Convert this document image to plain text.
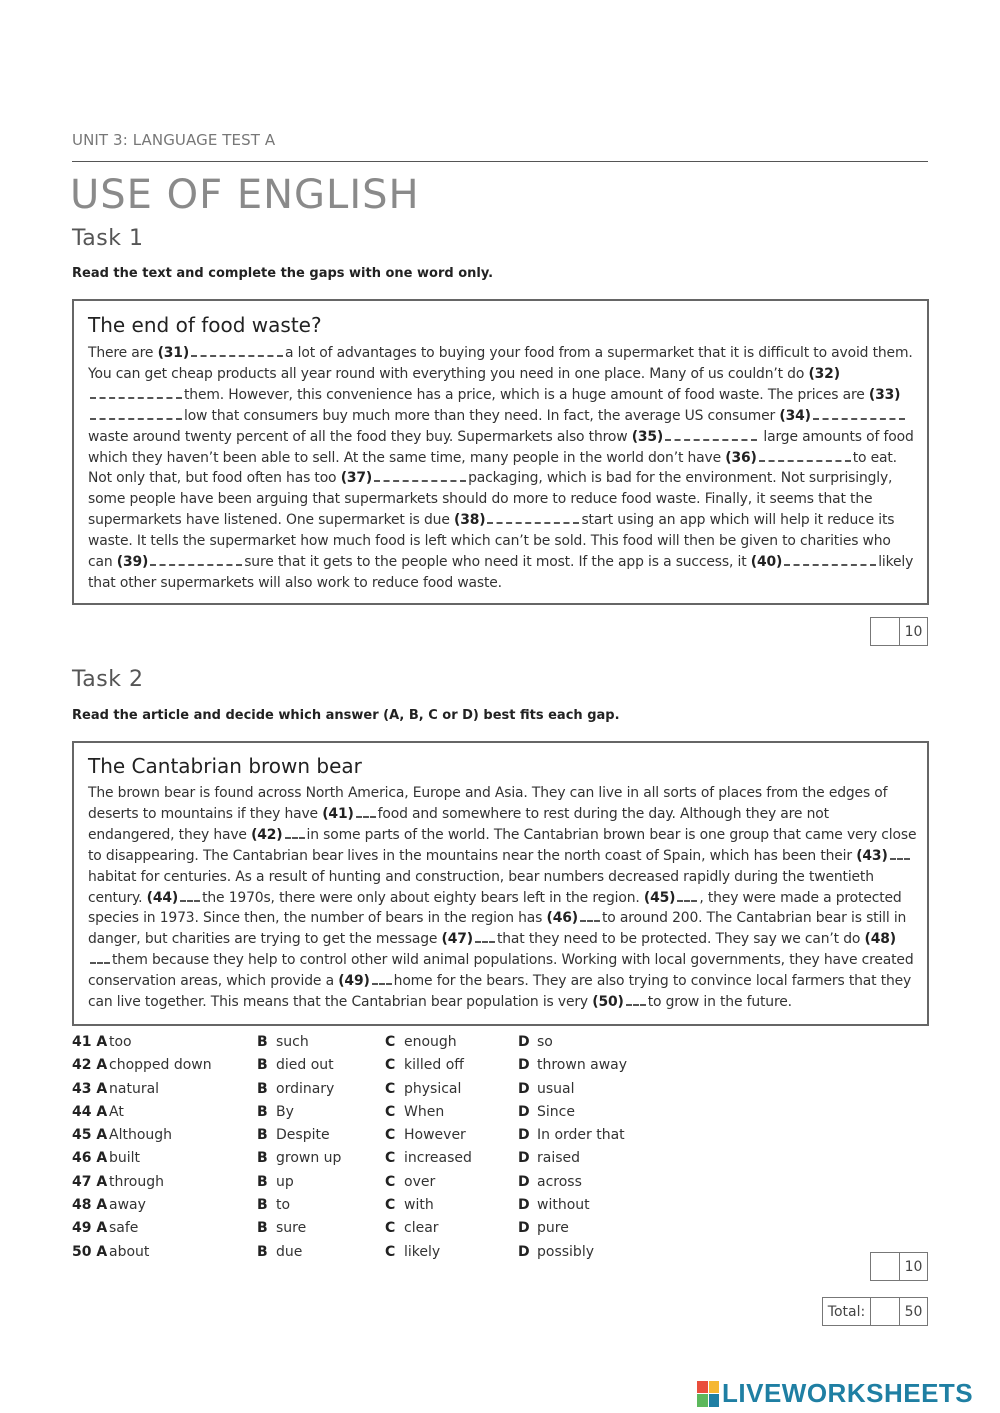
UNIT 3: LANGUAGE TEST A
USE OF ENGLISH
Task 1
Read the text and complete the gaps with one word only.
The end of food waste?
There are (31)	a lot of advantages to buying your food from a supermarket that it is difficult to avoid them. You can get cheap products all year round with everything you need in one place. Many of us couldn’t do (32)them. However, this convenience has a price, which is a huge amount of food waste. The prices are (33)low that consumers buy much more than they need. In fact, the average US consumer (34)waste around twenty percent of all the food they buy. Supermarkets also throw (35)	large amounts of food which they haven’t been able to sell. At the same time, many people in the world don’t have (36)	to eat. Not only that, but food often has too (37)	packaging, which is bad for the environment. Not surprisingly, some people have been arguing that supermarkets should do more to reduce food waste. Finally, it seems that the supermarkets have listened. One supermarket is due (38)	start using an app which will help it reduce its waste. It tells the supermarket how much food is left which can’t be sold. This food will then be given to charities who can (39)	sure that it gets to the people who need it most. If the app is a success, it (40)	likely that other supermarkets will also work to reduce food waste.
10
Task 2
Read the article and decide which answer (A, B, C or D) best fits each gap.
The Cantabrian brown bear
The brown bear is found across North America, Europe and Asia. They can live in all sorts of places from the edges of deserts to mountains if they have (41) food and somewhere to rest during the day. Although they are not endangered, they have (42) in some parts of the world. The Cantabrian brown bear is one group that came very close to disappearing. The Cantabrian bear lives in the mountains near the north coast of Spain, which has been their (43)habitat for centuries. As a result of hunting and construction, bear numbers decreased rapidly during the twentieth century. (44) the 1970s, there were only about eighty bears left in the region. (45) , they were made a protected species in 1973. Since then, the number of bears in the region has (46) to around 200. The Cantabrian bear is still in danger, but charities are trying to get the message (47) that they need to be protected. They say we can’t do (48)them because they help to control other wild animal populations. Working with local governments, they have created conservation areas, which provide a (49) home for the bears. They are also trying to convince local farmers that they can live together. This means that the Cantabrian bear population is very (50) to grow in the future.
41 A too	B such	C enough	D so
42 A chopped down	B died out	C killed off	D thrown away
43 A natural	B ordinary	C physical	D usual
44 A At	B By	C When	D Since
45 A Although	B Despite	C However	D In order that
46 A built	B grown up	C increased	D raised
47 A through	B up	C over	D across
48 A away	B to	C with	D without
49 A safe	B sure	C clear	D pure
50 A about	B due	C likely	D possibly
10
Total:	50
LIVEWORKSHEETS
